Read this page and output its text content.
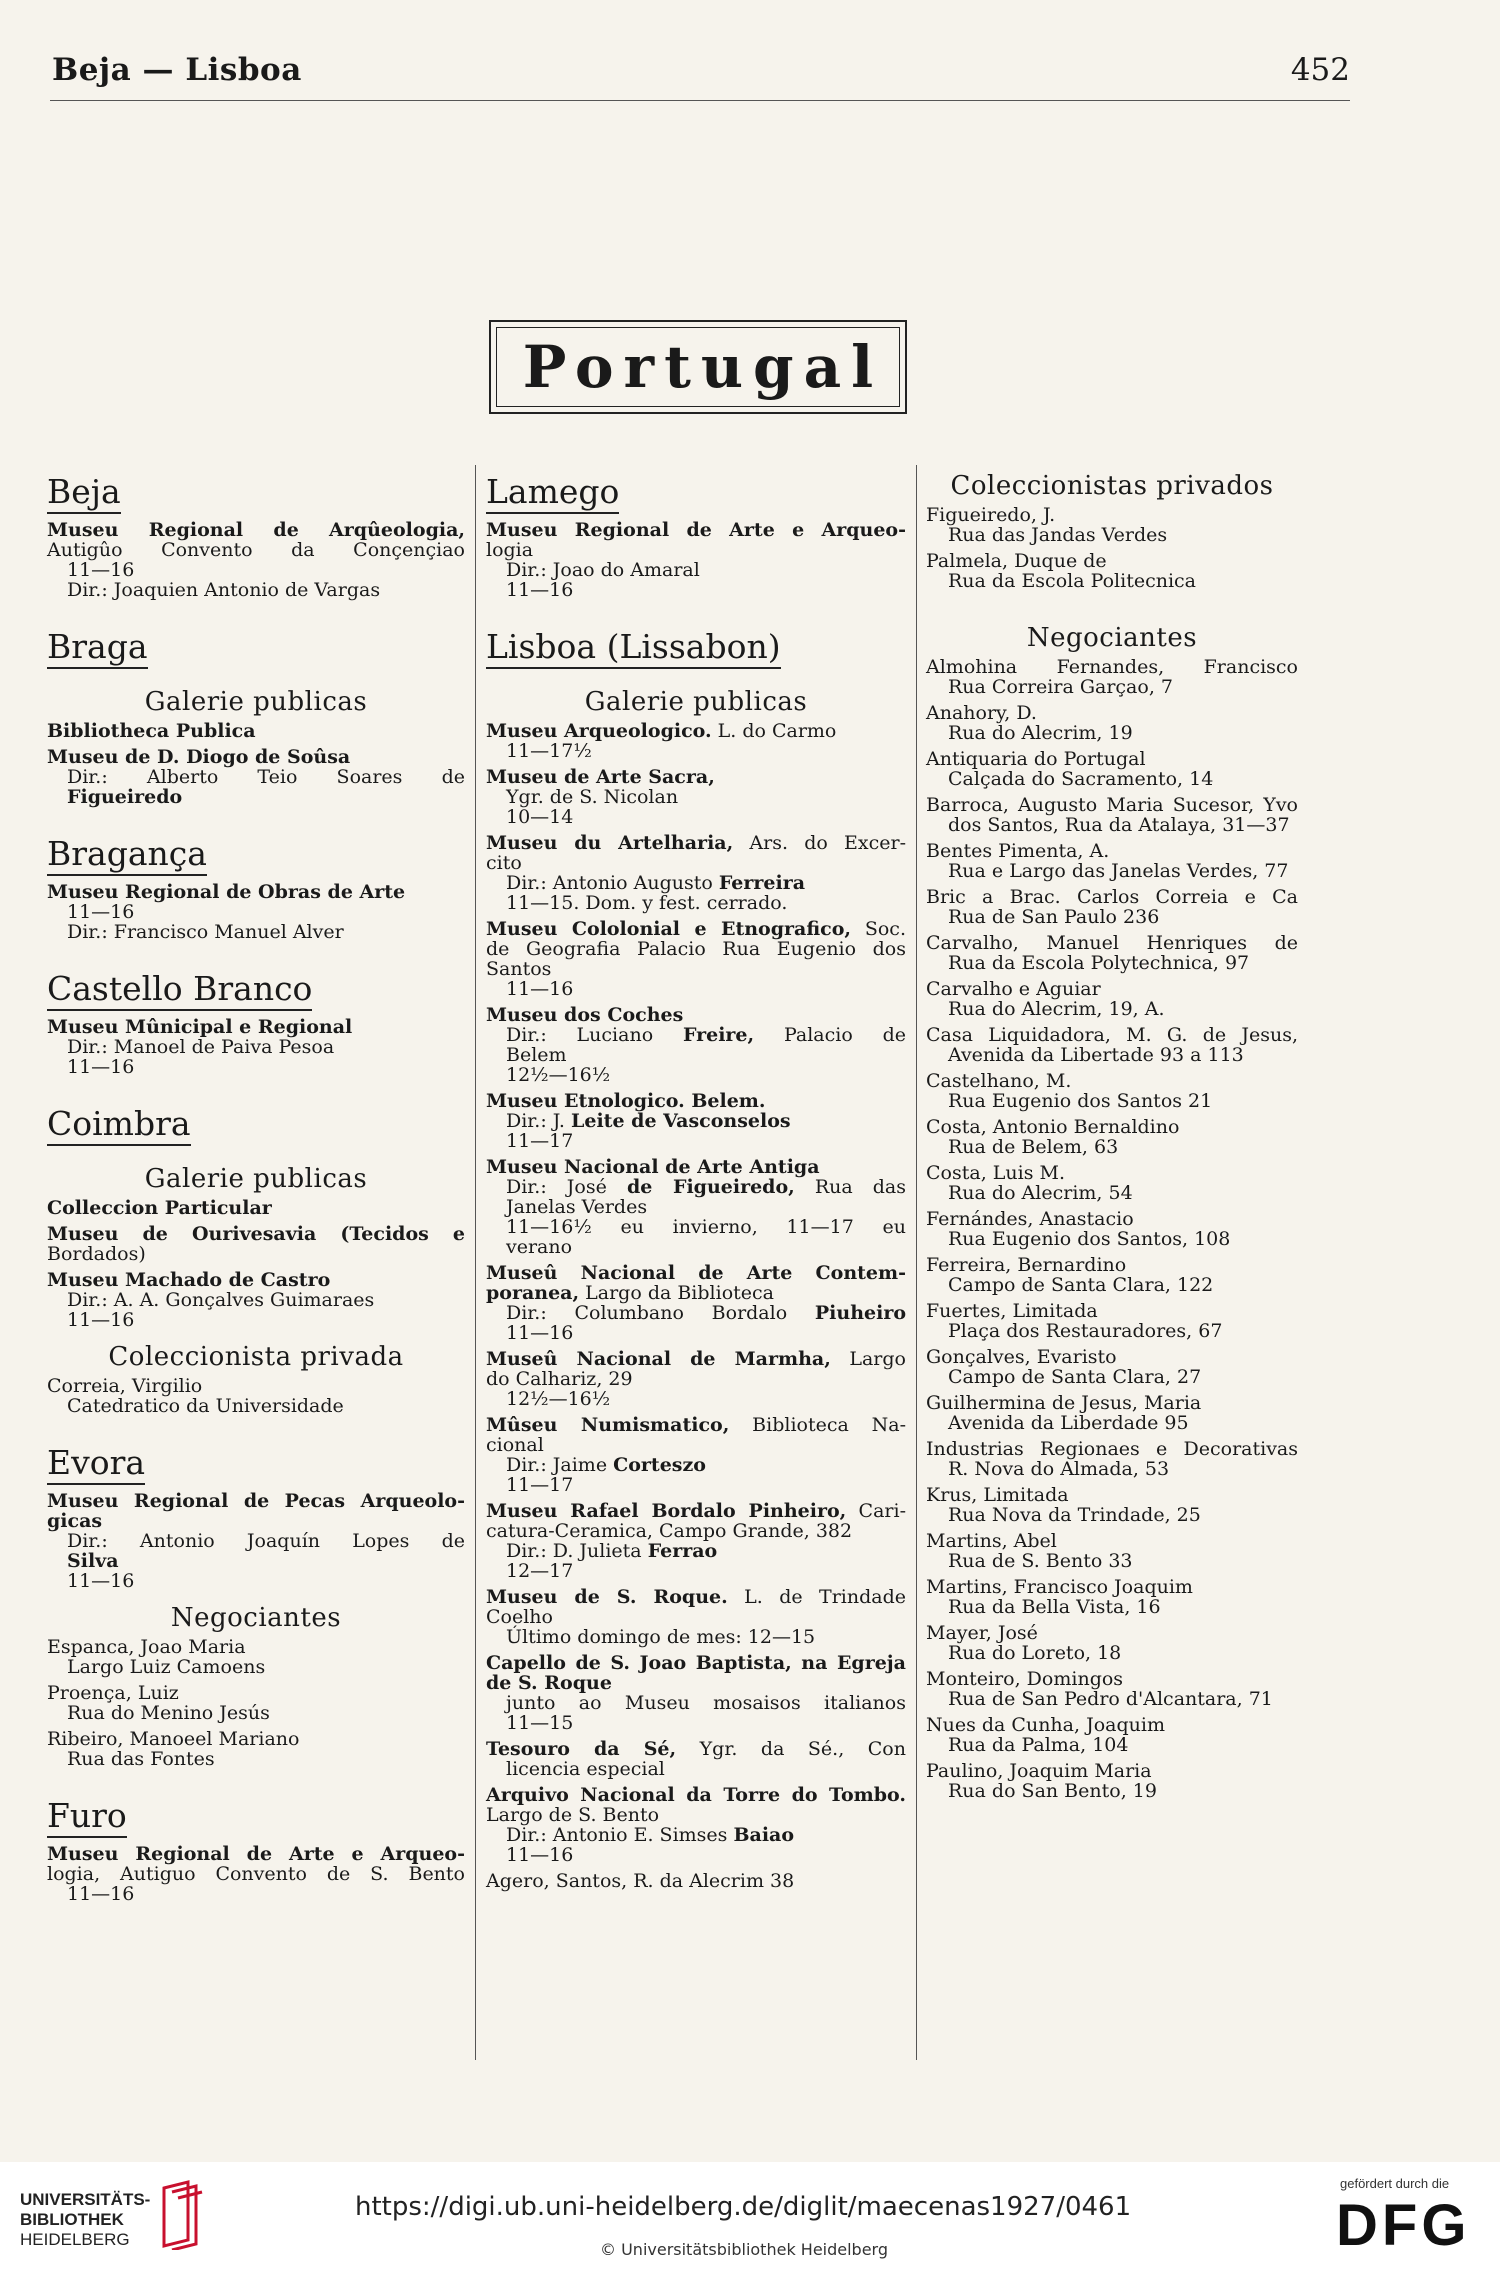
Beja — Lisboa	452
Portugal
Beja
Museu Regional de Arqûeologia,
Autigûo Convento da Conçençiao
11—16
Dir.: Joaquien Antonio de Vargas
Braga
Galerie publicas
Bibliotheca Publica
Museu de D. Diogo de Soûsa
Dir.: Alberto Teio Soares de
Figueiredo
Bragança
Museu Regional de Obras de Arte
11—16
Dir.: Francisco Manuel Alver
Castello Branco
Museu Mûnicipal e Regional
Dir.: Manoel de Paiva Pesoa
11—16
Coimbra
Galerie publicas
Colleccion Particular
Museu de Ourivesavia (Tecidos e
Bordados)
Museu Machado de Castro
Dir.: A. A. Gonçalves Guimaraes
11—16
Coleccionista privada
Correia, Virgilio
Catedratico da Universidade
Evora
Museu Regional de Pecas Arqueolo-
gicas
Dir.: Antonio Joaquín Lopes de
Silva
11—16
Negociantes
Espanca, Joao Maria
Largo Luiz Camoens
Proença, Luiz
Rua do Menino Jesús
Ribeiro, Manoeel Mariano
Rua das Fontes
Furo
Museu Regional de Arte e Arqueo-
logia, Autiguo Convento de S. Bento
11—16
Lamego
Museu Regional de Arte e Arqueo-
logia
Dir.: Joao do Amaral
11—16
Lisboa (Lissabon)
Galerie publicas
Museu Arqueologico. L. do Carmo
11—17½
Museu de Arte Sacra,
Ygr. de S. Nicolan
10—14
Museu du Artelharia, Ars. do Excer-
cito
Dir.: Antonio Augusto Ferreira
11—15. Dom. y fest. cerrado.
Museu Cololonial e Etnografico, Soc.
de Geografia Palacio Rua Eugenio dos
Santos
11—16
Museu dos Coches
Dir.: Luciano Freire, Palacio de
Belem
12½—16½
Museu Etnologico. Belem.
Dir.: J. Leite de Vasconselos
11—17
Museu Nacional de Arte Antiga
Dir.: José de Figueiredo, Rua das
Janelas Verdes
11—16½ eu invierno, 11—17 eu
verano
Museû Nacional de Arte Contem-
poranea, Largo da Biblioteca
Dir.: Columbano Bordalo Piuheiro
11—16
Museû Nacional de Marmha, Largo
do Calhariz, 29
12½—16½
Mûseu Numismatico, Biblioteca Na-
cional
Dir.: Jaime Corteszo
11—17
Museu Rafael Bordalo Pinheiro, Cari-
catura-Ceramica, Campo Grande, 382
Dir.: D. Julieta Ferrao
12—17
Museu de S. Roque. L. de Trindade
Coelho
Último domingo de mes: 12—15
Capello de S. Joao Baptista, na Egreja
de S. Roque
junto ao Museu mosaisos italianos
11—15
Tesouro da Sé, Ygr. da Sé., Con
licencia especial
Arquivo Nacional da Torre do Tombo.
Largo de S. Bento
Dir.: Antonio E. Simses Baiao
11—16
Agero, Santos, R. da Alecrim 38
Coleccionistas privados
Figueiredo, J.
Rua das Jandas Verdes
Palmela, Duque de
Rua da Escola Politecnica
Negociantes
Almohina Fernandes, Francisco
Rua Correira Garçao, 7
Anahory, D.
Rua do Alecrim, 19
Antiquaria do Portugal
Calçada do Sacramento, 14
Barroca, Augusto Maria Sucesor, Yvo
dos Santos, Rua da Atalaya, 31—37
Bentes Pimenta, A.
Rua e Largo das Janelas Verdes, 77
Bric a Brac. Carlos Correia e Ca
Rua de San Paulo 236
Carvalho, Manuel Henriques de
Rua da Escola Polytechnica, 97
Carvalho e Aguiar
Rua do Alecrim, 19, A.
Casa Liquidadora, M. G. de Jesus,
Avenida da Libertade 93 a 113
Castelhano, M.
Rua Eugenio dos Santos 21
Costa, Antonio Bernaldino
Rua de Belem, 63
Costa, Luis M.
Rua do Alecrim, 54
Fernándes, Anastacio
Rua Eugenio dos Santos, 108
Ferreira, Bernardino
Campo de Santa Clara, 122
Fuertes, Limitada
Plaça dos Restauradores, 67
Gonçalves, Evaristo
Campo de Santa Clara, 27
Guilhermina de Jesus, Maria
Avenida da Liberdade 95
Industrias Regionaes e Decorativas
R. Nova do Almada, 53
Krus, Limitada
Rua Nova da Trindade, 25
Martins, Abel
Rua de S. Bento 33
Martins, Francisco Joaquim
Rua da Bella Vista, 16
Mayer, José
Rua do Loreto, 18
Monteiro, Domingos
Rua de San Pedro d'Alcantara, 71
Nues da Cunha, Joaquim
Rua da Palma, 104
Paulino, Joaquim Maria
Rua do San Bento, 19
UNIVERSITÄTS-
BIBLIOTHEK
HEIDELBERG
https://digi.ub.uni-heidelberg.de/diglit/maecenas1927/0461
© Universitätsbibliothek Heidelberg
gefördert durch die
DFG
